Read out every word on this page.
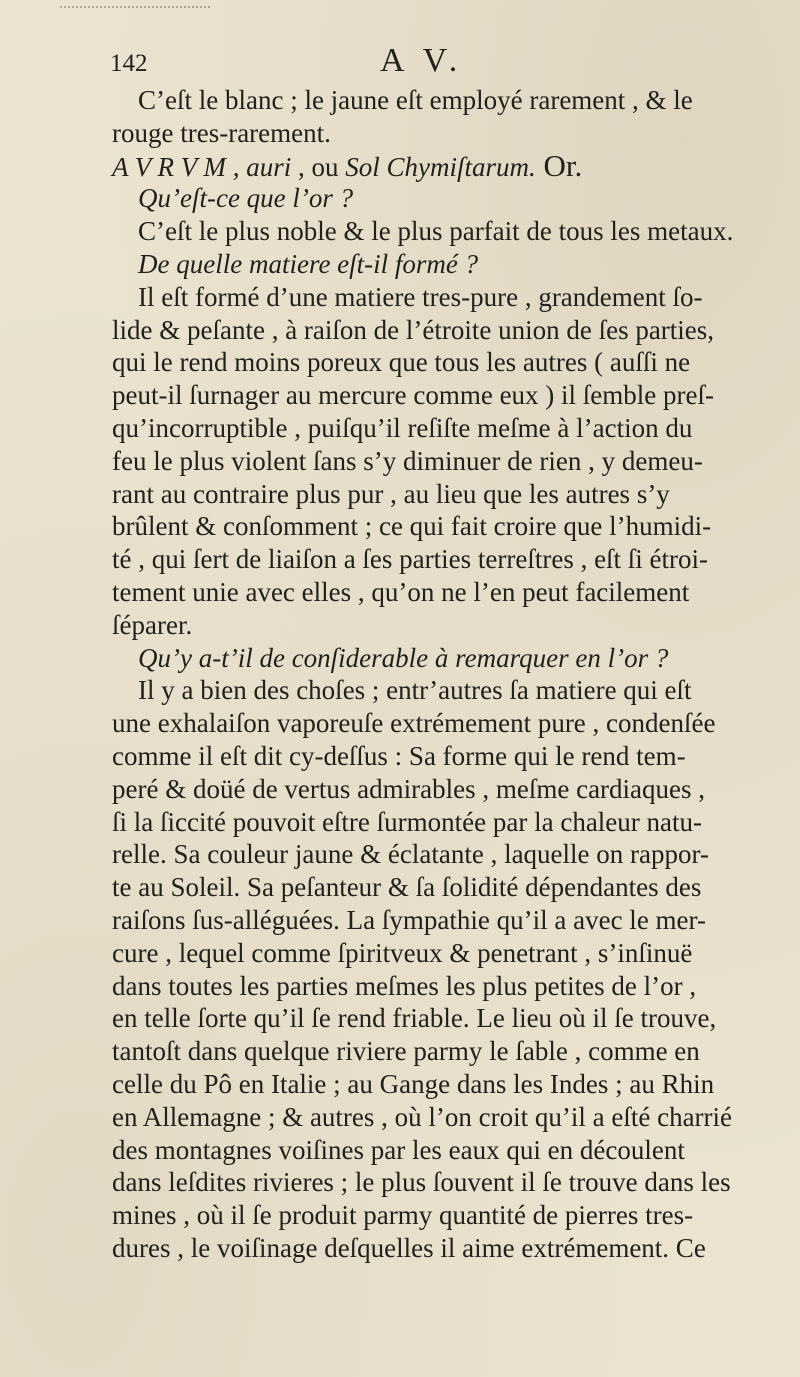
142	A V.
C’eſt le blanc ; le jaune eſt employé rarement , & le
rouge tres-rarement.
A V R V M , auri , ou Sol Chymiſtarum. Or.
Qu’eſt-ce que l’or ?
C’eſt le plus noble & le plus parfait de tous les metaux.
De quelle matiere eſt-il formé ?
Il eſt formé d’une matiere tres-pure , grandement ſo-
lide & peſante , à raiſon de l’étroite union de ſes parties,
qui le rend moins poreux que tous les autres ( auſſi ne
peut-il ſurnager au mercure comme eux ) il ſemble preſ-
qu’incorruptible , puiſqu’il reſiſte meſme à l’action du
feu le plus violent ſans s’y diminuer de rien , y demeu-
rant au contraire plus pur , au lieu que les autres s’y
brûlent & conſomment ; ce qui fait croire que l’humidi-
té , qui ſert de liaiſon a ſes parties terreſtres , eſt ſi étroi-
tement unie avec elles , qu’on ne l’en peut facilement
ſéparer.
Qu’y a-t’il de conſiderable à remarquer en l’or ?
Il y a bien des choſes ; entr’autres ſa matiere qui eſt
une exhalaiſon vaporeuſe extrémement pure , condenſée
comme il eſt dit cy-deſſus : Sa forme qui le rend tem-
peré & doüé de vertus admirables , meſme cardiaques ,
ſi la ſiccité pouvoit eſtre ſurmontée par la chaleur natu-
relle. Sa couleur jaune & éclatante , laquelle on rappor-
te au Soleil. Sa peſanteur & ſa ſolidité dépendantes des
raiſons ſus-alléguées. La ſympathie qu’il a avec le mer-
cure , lequel comme ſpiritveux & penetrant , s’inſinuë
dans toutes les parties meſmes les plus petites de l’or ,
en telle ſorte qu’il ſe rend friable. Le lieu où il ſe trouve,
tantoſt dans quelque riviere parmy le ſable , comme en
celle du Pô en Italie ; au Gange dans les Indes ; au Rhin
en Allemagne ; & autres , où l’on croit qu’il a eſté charrié
des montagnes voiſines par les eaux qui en découlent
dans leſdites rivieres ; le plus ſouvent il ſe trouve dans les
mines , où il ſe produit parmy quantité de pierres tres-
dures , le voiſinage deſquelles il aime extrémement. Ce
